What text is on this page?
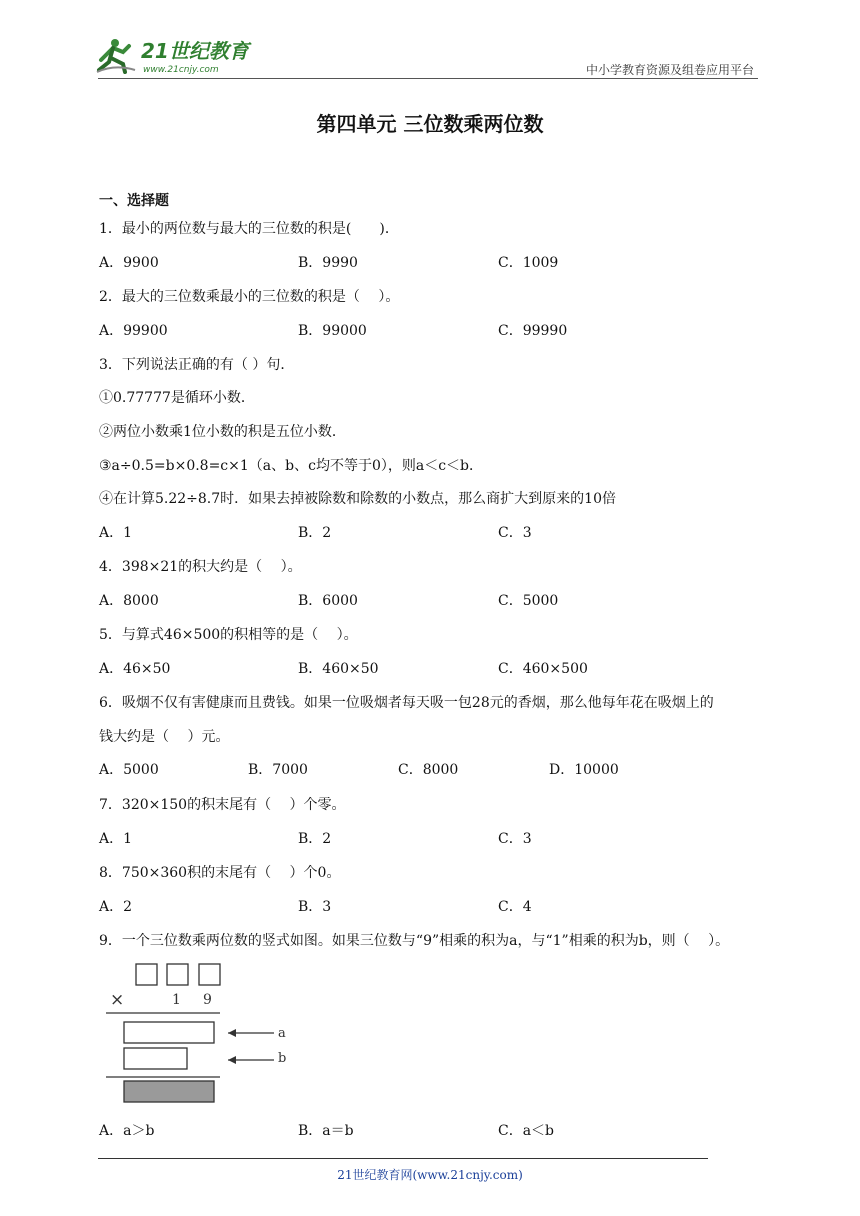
21世纪教育
www.21cnjy.com	中小学教育资源及组卷应用平台
第四单元 三位数乘两位数
一、选择题
1．最小的两位数与最大的三位数的积是(　　)．
A．9900	B．9990	C．1009
2．最大的三位数乘最小的三位数的积是（　 ）。
A．99900	B．99000	C．99990
3．下列说法正确的有（ ）句．
①0.77777是循环小数．
②两位小数乘1位小数的积是五位小数．
③a÷0.5=b×0.8=c×1（a、b、c均不等于0），则a＜c＜b．
④在计算5.22÷8.7时．如果去掉被除数和除数的小数点，那么商扩大到原来的10倍
A．1	B．2	C．3
4．398×21的积大约是（　 ）。
A．8000	B．6000	C．5000
5．与算式46×500的积相等的是（　 ）。
A．46×50	B．460×50	C．460×500
6．吸烟不仅有害健康而且费钱。如果一位吸烟者每天吸一包28元的香烟，那么他每年花在吸烟上的
钱大约是（　 ）元。
A．5000	B．7000	C．8000	D．10000
7．320×150的积末尾有（　 ）个零。
A．1	B．2	C．3
8．750×360积的末尾有（　 ）个0。
A．2	B．3	C．4
9．一个三位数乘两位数的竖式如图。如果三位数与“9”相乘的积为a，与“1”相乘的积为b，则（　 ）。
A．a＞b	B．a＝b	C．a＜b
×	1 9
a
b
21世纪教育网(www.21cnjy.com)
